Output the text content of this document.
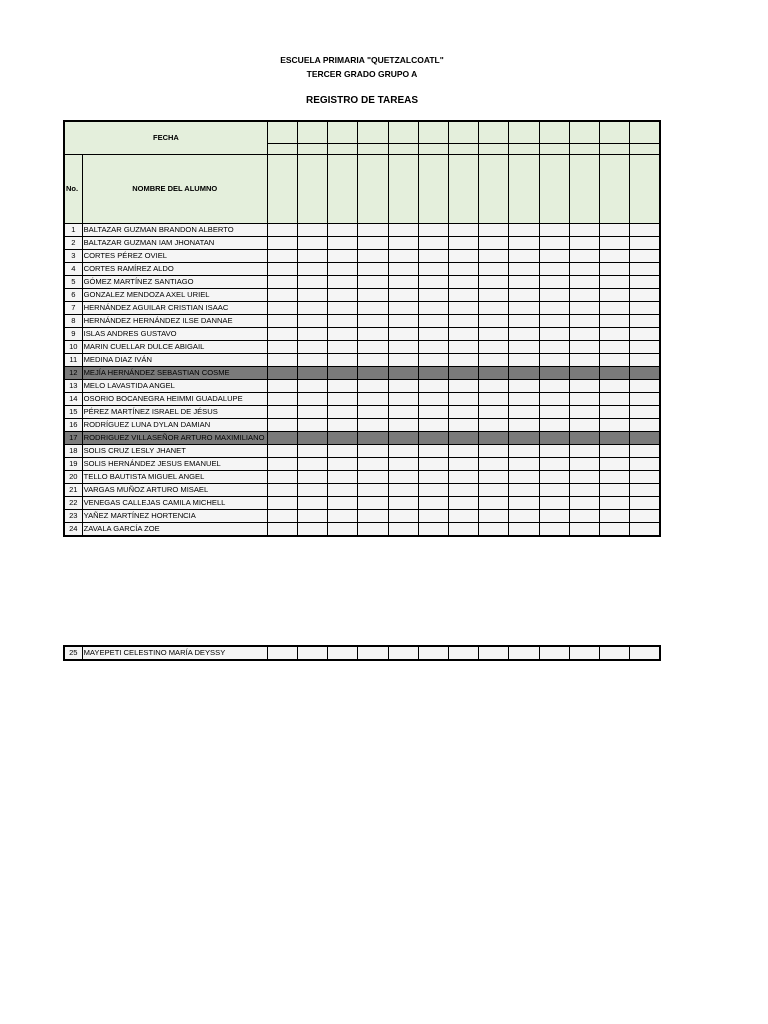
ESCUELA PRIMARIA "QUETZALCOATL"
TERCER GRADO GRUPO A
REGISTRO DE TAREAS
FECHA														

No.	NOMBRE DEL ALUMNO													
1	BALTAZAR GUZMAN BRANDON ALBERTO													
2	BALTAZAR GUZMAN IAM JHONATAN													
3	CORTES PÉREZ OVIEL													
4	CORTES RAMÍREZ ALDO													
5	GÓMEZ MARTÍNEZ SANTIAGO													
6	GONZALEZ MENDOZA AXEL URIEL													
7	HERNÁNDEZ AGUILAR CRISTIAN ISAAC													
8	HERNÁNDEZ HERNÁNDEZ ILSE DANNAE													
9	ISLAS ANDRES GUSTAVO													
10	MARIN CUELLAR DULCE ABIGAIL													
11	MEDINA DIAZ IVÁN													
12	MEJÍA HERNÁNDEZ SEBASTIAN COSME													
13	MELO LAVASTIDA ANGEL													
14	OSORIO BOCANEGRA HEIMMI GUADALUPE													
15	PÉREZ MARTÍNEZ ISRAEL DE JÉSUS													
16	RODRÍGUEZ LUNA DYLAN DAMIAN													
17	RODRIGUEZ VILLASEÑOR ARTURO MAXIMILIANO													
18	SOLIS CRUZ LESLY JHANET													
19	SOLIS HERNÁNDEZ JESUS EMANUEL													
20	TELLO BAUTISTA MIGUEL ANGEL													
21	VARGAS MUÑOZ ARTURO MISAEL													
22	VENEGAS CALLEJAS CAMILA MICHELL													
23	YAÑEZ MARTÍNEZ HORTENCIA													
24	ZAVALA GARCÍA ZOE													
25	MAYEPETI CELESTINO MARÍA DEYSSY													
